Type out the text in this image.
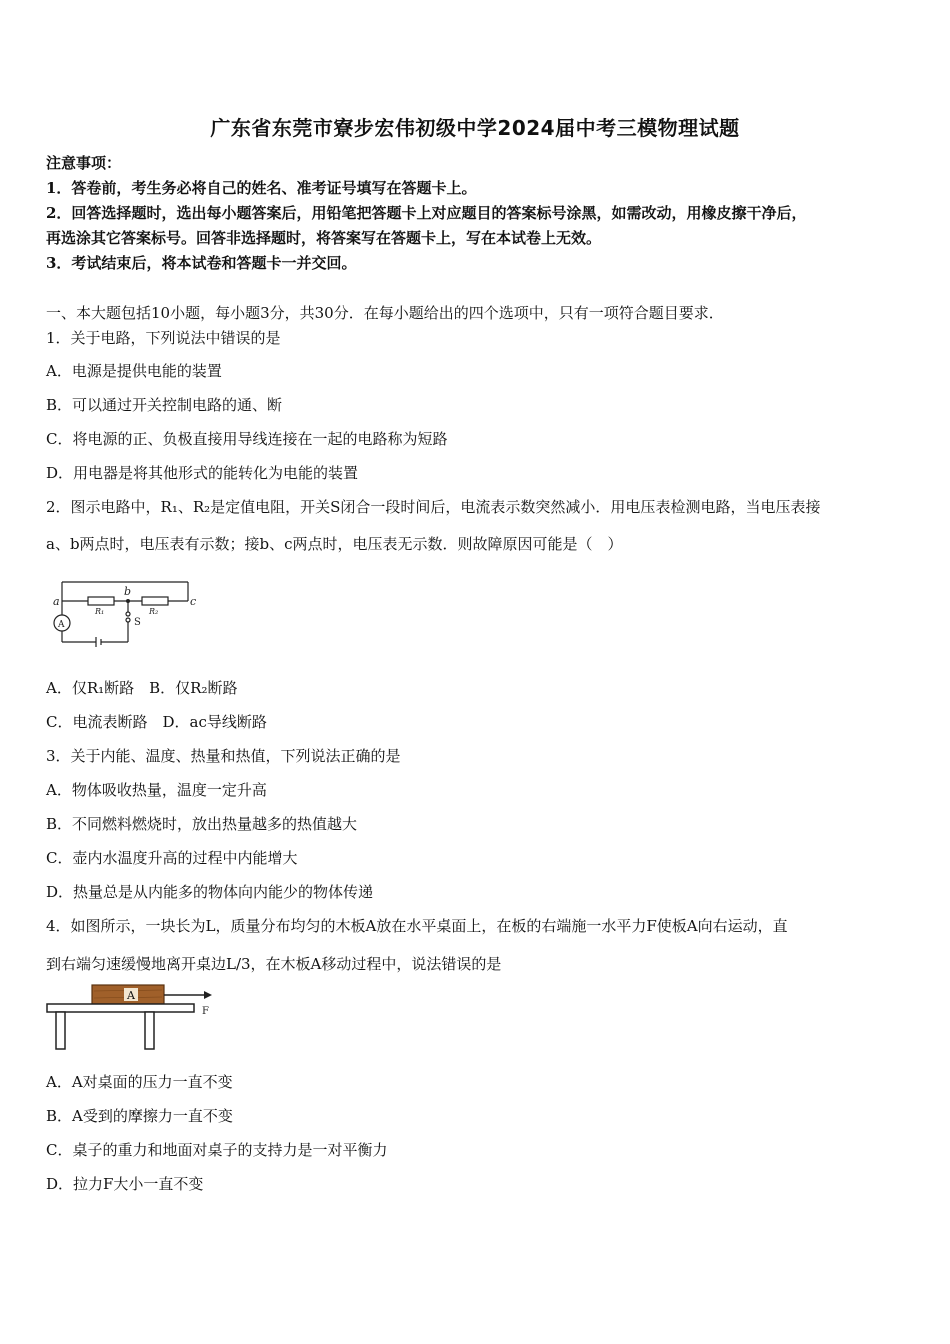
广东省东莞市寮步宏伟初级中学2024届中考三模物理试题
注意事项：
1．答卷前，考生务必将自己的姓名、准考证号填写在答题卡上。
2．回答选择题时，选出每小题答案后，用铅笔把答题卡上对应题目的答案标号涂黑，如需改动，用橡皮擦干净后，
再选涂其它答案标号。回答非选择题时，将答案写在答题卡上，写在本试卷上无效。
3．考试结束后，将本试卷和答题卡一并交回。
一、本大题包括10小题，每小题3分，共30分．在每小题给出的四个选项中，只有一项符合题目要求．
1．关于电路，下列说法中错误的是
A．电源是提供电能的装置
B．可以通过开关控制电路的通、断
C．将电源的正、负极直接用导线连接在一起的电路称为短路
D．用电器是将其他形式的能转化为电能的装置
2．图示电路中，R₁、R₂是定值电阻，开关S闭合一段时间后，电流表示数突然减小．用电压表检测电路，当电压表接
a、b两点时，电压表有示数；接b、c两点时，电压表无示数．则故障原因可能是（　）
a
b
c
R₁	R₂
S
A
A．仅R₁断路　B．仅R₂断路
C．电流表断路　D．ac导线断路
3．关于内能、温度、热量和热值，下列说法正确的是
A．物体吸收热量，温度一定升高
B．不同燃料燃烧时，放出热量越多的热值越大
C．壶内水温度升高的过程中内能增大
D．热量总是从内能多的物体向内能少的物体传递
4．如图所示，一块长为L，质量分布均匀的木板A放在水平桌面上，在板的右端施一水平力F使板A向右运动，直
到右端匀速缓慢地离开桌边L/3，在木板A移动过程中，说法错误的是
A
F
A．A对桌面的压力一直不变
B．A受到的摩擦力一直不变
C．桌子的重力和地面对桌子的支持力是一对平衡力
D．拉力F大小一直不变
